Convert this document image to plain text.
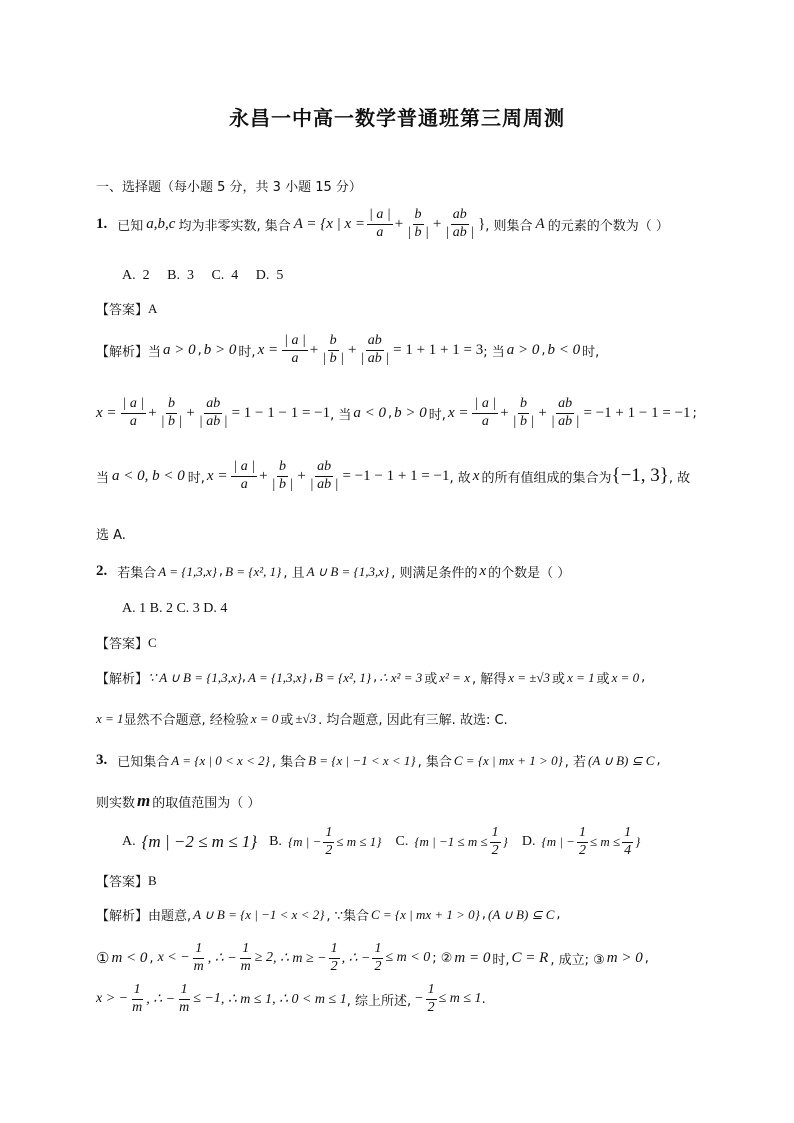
永昌一中高一数学普通班第三周周测
一、选择题（每小题 5 分，共 3 小题 15 分）
1. 已知 a,b,c 均为非零实数, 集合 A = {x | $x = \frac{| a |}{a} + \frac{b}{| b |} + \frac{ab}{| ab |}$ } , 则集合 A 的元素的个数为（ ）
A.  2     B.  3     C.  4     D.  5
【答案】 A
【解析】 当 a > 0 , b > 0 时, $x = \frac{| a |}{a} + \frac{b}{| b |} + \frac{ab}{| ab |} = 1 + 1 + 1 = 3$ ; 当 a > 0 , b < 0 时,
$x = \frac{| a |}{a} + \frac{b}{| b |} + \frac{ab}{| ab |} = 1 - 1 - 1 = -1$ , 当 a < 0 , b > 0 时, $x = \frac{| a |}{a} + \frac{b}{| b |} + \frac{ab}{| ab |} = -1 + 1 - 1 = -1$ ;
当 a < 0, b < 0 时, $x = \frac{| a |}{a} + \frac{b}{| b |} + \frac{ab}{| ab |} = -1 - 1 + 1 = -1$ , 故 x 的所有值组成的集合为 {−1, 3} , 故
选 A.
2. 若集合 A = {1,3,x} , B = {x², 1} , 且 A ∪ B = {1,3,x} , 则满足条件的 x 的个数是（ ）
A. 1 B. 2 C. 3 D. 4
【答案】 C
【解析】 ∵ A ∪ B = {1,3,x} , A = {1,3,x} , B = {x², 1} , ∴ x² = 3 或 x² = x , 解得 x = ±√3 或 x = 1 或 x = 0 ,
x = 1 显然不合题意, 经检验 x = 0 或 ±√3 . 均合题意, 因此有三解. 故选: C.
3. 已知集合 A = {x | 0 < x < 2} , 集合 B = {x | −1 < x < 1} , 集合 C = {x | mx + 1 > 0} , 若 (A ∪ B) ⊆ C ,
则实数 m 的取值范围为（ ）
A. {m | −2 ≤ m ≤ 1} B. {m | − $\frac{1}{2} \le m \le 1$} C. {m | $-1 \le m \le \frac{1}{2}$ } D. {m | − $\frac{1}{2} \le m \le \frac{1}{4}$ }
【答案】 B
【解析】 由题意, A ∪ B = {x | −1 < x < 2} , ∵集合 C = {x | mx + 1 > 0} , (A ∪ B) ⊆ C ,
① m < 0 , x < − $\frac{1}{m}$ , ∴ − $\frac{1}{m} \ge 2$ , ∴ m ≥ − $\frac{1}{2}$ , ∴ − $\frac{1}{2} \le m < 0$ ; ② m = 0 时, C = R , 成立; ③ m > 0 ,
x > − $\frac{1}{m}$ , ∴ − $\frac{1}{m} \le -1$ , ∴ m ≤ 1 , ∴ 0 < m ≤ 1 , 综上所述, − $\frac{1}{2} \le m \le 1$ .
